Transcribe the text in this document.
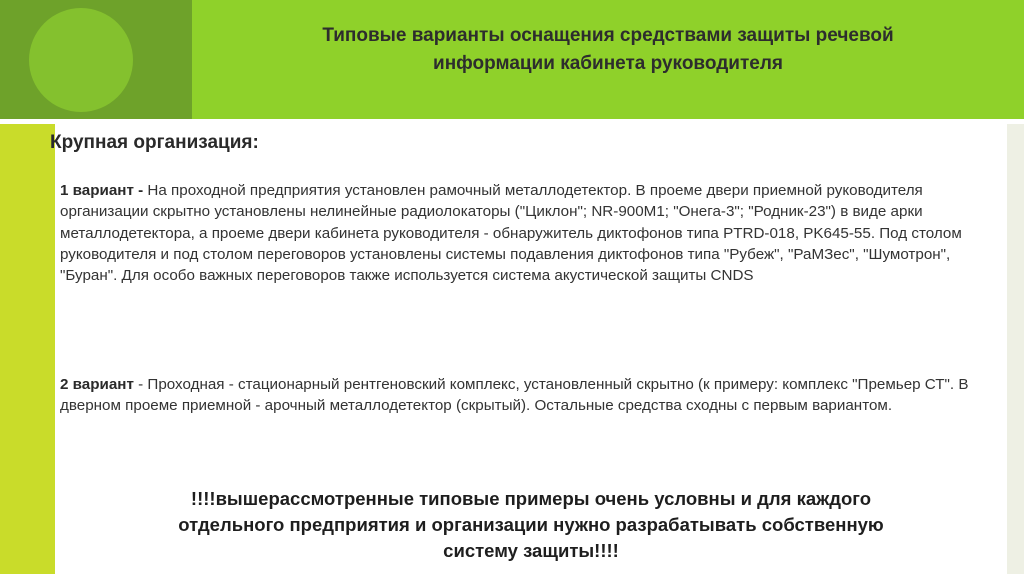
Типовые варианты оснащения средствами защиты речевой
информации кабинета руководителя
Крупная организация:

1 вариант - На проходной предприятия установлен рамочный металлодетектор. В проеме двери приемной руководителя организации скрытно установлены нелинейные радиолокаторы ("Циклон"; NR-900M1; "Онега-3"; "Родник-23") в виде арки металлодетектора, а проеме двери кабинета руководителя - обнаружитель диктофонов типа PTRD-018, PK645-55. Под столом руководителя и под столом переговоров установлены системы подавления диктофонов типа "Рубеж", "РаМЗес", "Шумотрон", "Буран". Для особо важных переговоров также используется система акустической защиты CNDS

2 вариант - Проходная - стационарный рентгеновский комплекс, установленный скрытно (к примеру: комплекс "Премьер СТ". В дверном проеме приемной - арочный металлодетектор (скрытый). Остальные средства сходны с первым вариантом.

!!!!вышерассмотренные типовые примеры очень условны и для каждого
отдельного предприятия и организации нужно разрабатывать собственную
систему защиты!!!!
